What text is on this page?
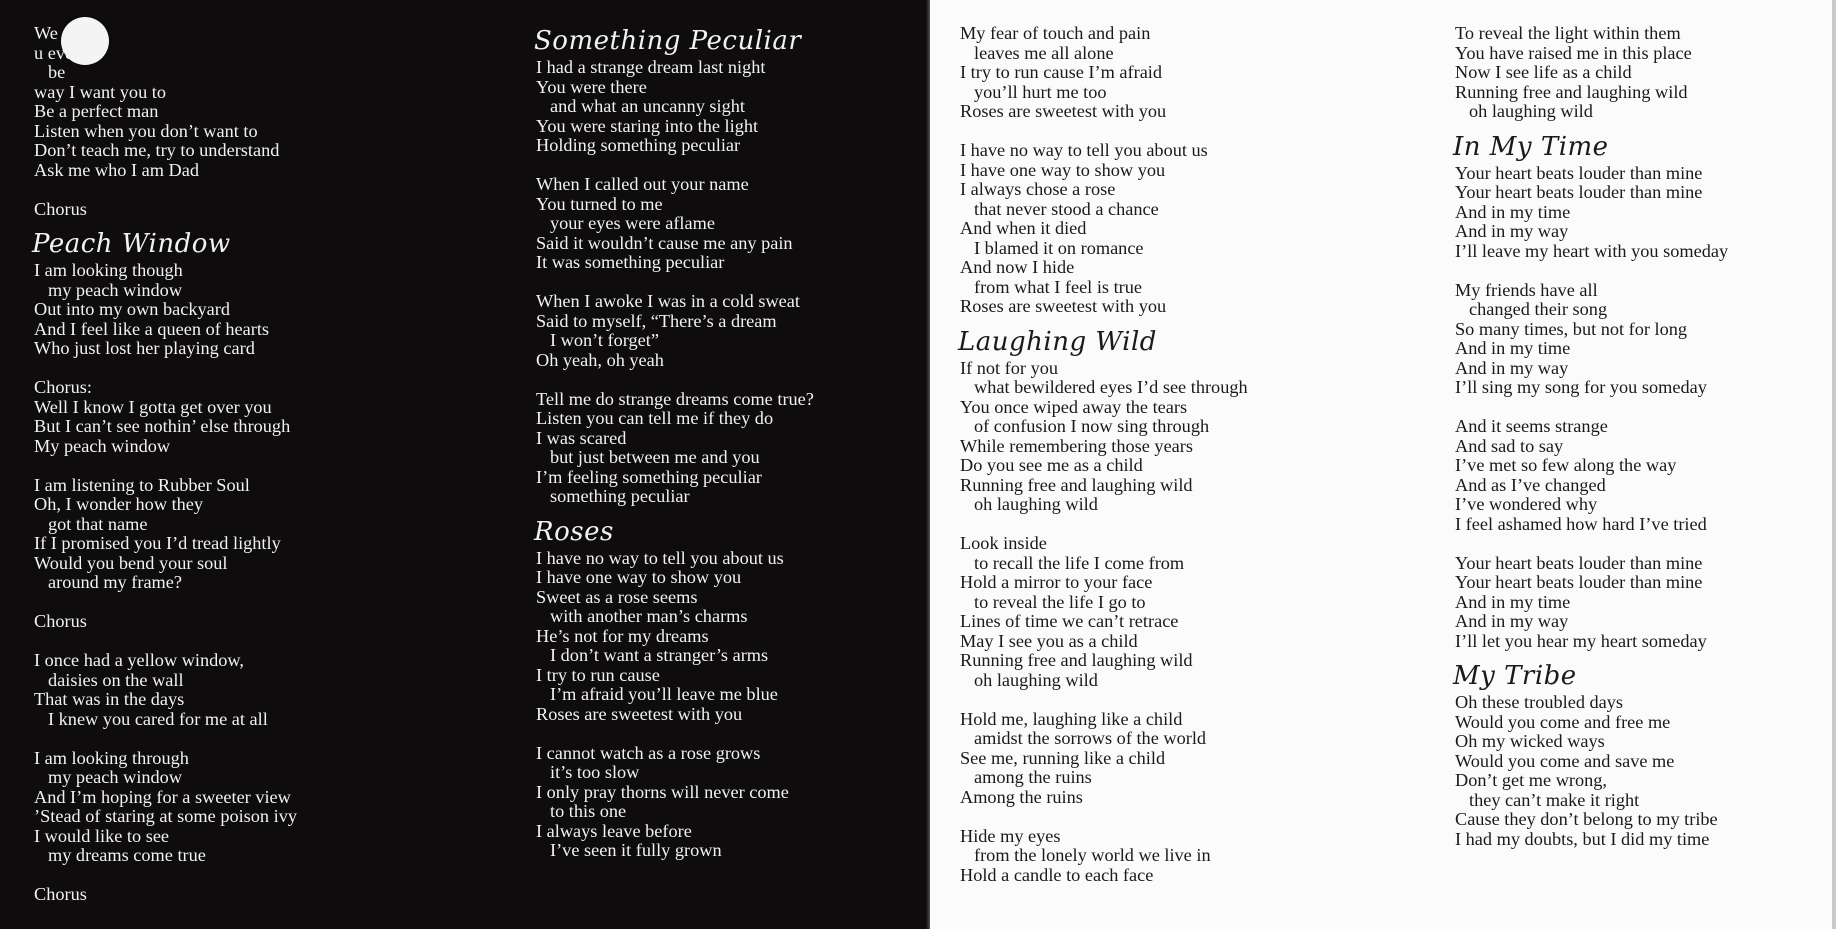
We
u ever
be
way I want you to
Be a perfect man
Listen when you don’t want to
Don’t teach me, try to understand
Ask me who I am Dad
Chorus
Peach Window
I am looking though
my peach window
Out into my own backyard
And I feel like a queen of hearts
Who just lost her playing card
Chorus:
Well I know I gotta get over you
But I can’t see nothin’ else through
My peach window
I am listening to Rubber Soul
Oh, I wonder how they
got that name
If I promised you I’d tread lightly
Would you bend your soul
around my frame?
Chorus
I once had a yellow window,
daisies on the wall
That was in the days
I knew you cared for me at all
I am looking through
my peach window
And I’m hoping for a sweeter view
’Stead of staring at some poison ivy
I would like to see
my dreams come true
Chorus
Something Peculiar
I had a strange dream last night
You were there
and what an uncanny sight
You were staring into the light
Holding something peculiar
When I called out your name
You turned to me
your eyes were aflame
Said it wouldn’t cause me any pain
It was something peculiar
When I awoke I was in a cold sweat
Said to myself, “There’s a dream
I won’t forget”
Oh yeah, oh yeah
Tell me do strange dreams come true?
Listen you can tell me if they do
I was scared
but just between me and you
I’m feeling something peculiar
something peculiar
Roses
I have no way to tell you about us
I have one way to show you
Sweet as a rose seems
with another man’s charms
He’s not for my dreams
I don’t want a stranger’s arms
I try to run cause
I’m afraid you’ll leave me blue
Roses are sweetest with you
I cannot watch as a rose grows
it’s too slow
I only pray thorns will never come
to this one
I always leave before
I’ve seen it fully grown
My fear of touch and pain
leaves me all alone
I try to run cause I’m afraid
you’ll hurt me too
Roses are sweetest with you
I have no way to tell you about us
I have one way to show you
I always chose a rose
that never stood a chance
And when it died
I blamed it on romance
And now I hide
from what I feel is true
Roses are sweetest with you
Laughing Wild
If not for you
what bewildered eyes I’d see through
You once wiped away the tears
of confusion I now sing through
While remembering those years
Do you see me as a child
Running free and laughing wild
oh laughing wild
Look inside
to recall the life I come from
Hold a mirror to your face
to reveal the life I go to
Lines of time we can’t retrace
May I see you as a child
Running free and laughing wild
oh laughing wild
Hold me, laughing like a child
amidst the sorrows of the world
See me, running like a child
among the ruins
Among the ruins
Hide my eyes
from the lonely world we live in
Hold a candle to each face
To reveal the light within them
You have raised me in this place
Now I see life as a child
Running free and laughing wild
oh laughing wild
In My Time
Your heart beats louder than mine
Your heart beats louder than mine
And in my time
And in my way
I’ll leave my heart with you someday
My friends have all
changed their song
So many times, but not for long
And in my time
And in my way
I’ll sing my song for you someday
And it seems strange
And sad to say
I’ve met so few along the way
And as I’ve changed
I’ve wondered why
I feel ashamed how hard I’ve tried
Your heart beats louder than mine
Your heart beats louder than mine
And in my time
And in my way
I’ll let you hear my heart someday
My Tribe
Oh these troubled days
Would you come and free me
Oh my wicked ways
Would you come and save me
Don’t get me wrong,
they can’t make it right
Cause they don’t belong to my tribe
I had my doubts, but I did my time
